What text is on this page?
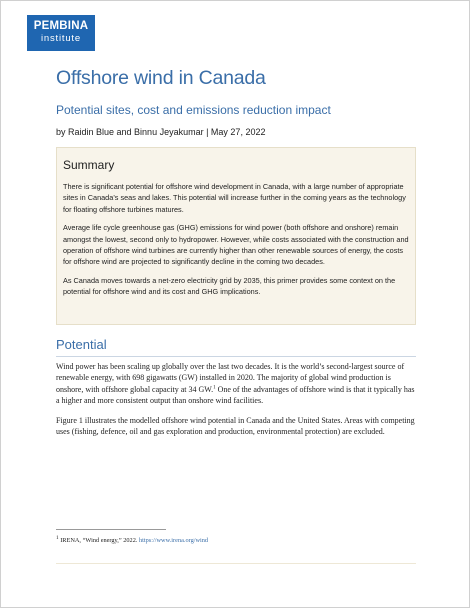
PEMBINA
institute
Offshore wind in Canada
Potential sites, cost and emissions reduction impact
by Raidin Blue and Binnu Jeyakumar | May 27, 2022
Summary

There is significant potential for offshore wind development in Canada, with a large number of appropriate sites in Canada’s seas and lakes. This potential will increase further in the coming years as the technology for floating offshore turbines matures.

Average life cycle greenhouse gas (GHG) emissions for wind power (both offshore and onshore) remain amongst the lowest, second only to hydropower. However, while costs associated with the construction and operation of offshore wind turbines are currently higher than other renewable sources of energy, the costs for offshore wind are projected to significantly decline in the coming two decades.

As Canada moves towards a net-zero electricity grid by 2035, this primer provides some context on the potential for offshore wind and its cost and GHG implications.

Potential

Wind power has been scaling up globally over the last two decades. It is the world’s second-largest source of renewable energy, with 698 gigawatts (GW) installed in 2020. The majority of global wind production is onshore, with offshore global capacity at 34 GW.$^1$ One of the advantages of offshore wind is that it typically has a higher and more consistent output than onshore wind facilities.

Figure 1 illustrates the modelled offshore wind potential in Canada and the United States. Areas with competing uses (fishing, defence, oil and gas exploration and production, environmental protection) are excluded.

$^1$ IRENA, “Wind energy,” 2022. https://www.irena.org/wind
